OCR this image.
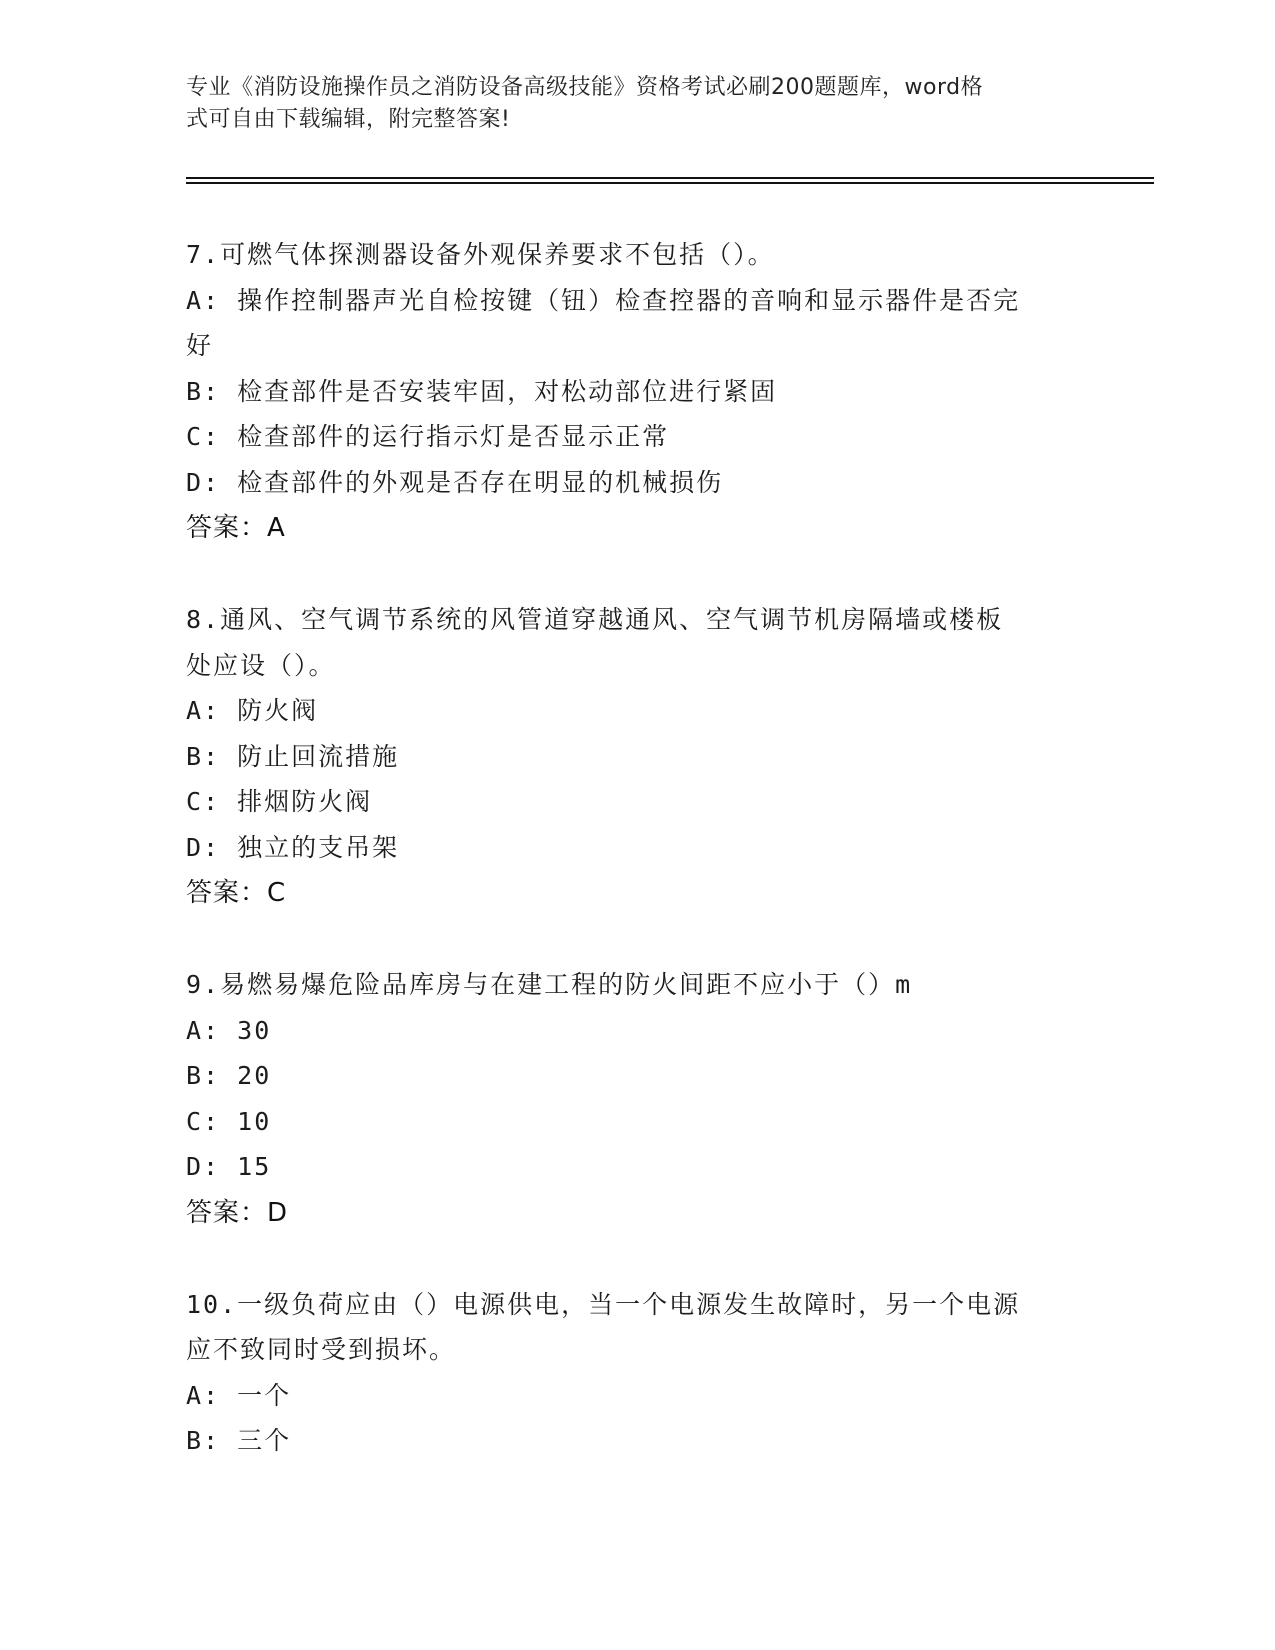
专业《消防设施操作员之消防设备高级技能》资格考试必刷200题题库，word格
式可自由下载编辑，附完整答案!
7.可燃气体探测器设备外观保养要求不包括（）。
A: 操作控制器声光自检按键（钮）检查控器的音响和显示器件是否完
好
B: 检查部件是否安装牢固，对松动部位进行紧固
C: 检查部件的运行指示灯是否显示正常
D: 检查部件的外观是否存在明显的机械损伤
答案：A
8.通风、空气调节系统的风管道穿越通风、空气调节机房隔墙或楼板
处应设（）。
A: 防火阀
B: 防止回流措施
C: 排烟防火阀
D: 独立的支吊架
答案：C
9.易燃易爆危险品库房与在建工程的防火间距不应小于（）m
A: 30
B: 20
C: 10
D: 15
答案：D
10.一级负荷应由（）电源供电，当一个电源发生故障时，另一个电源
应不致同时受到损坏。
A: 一个
B: 三个
